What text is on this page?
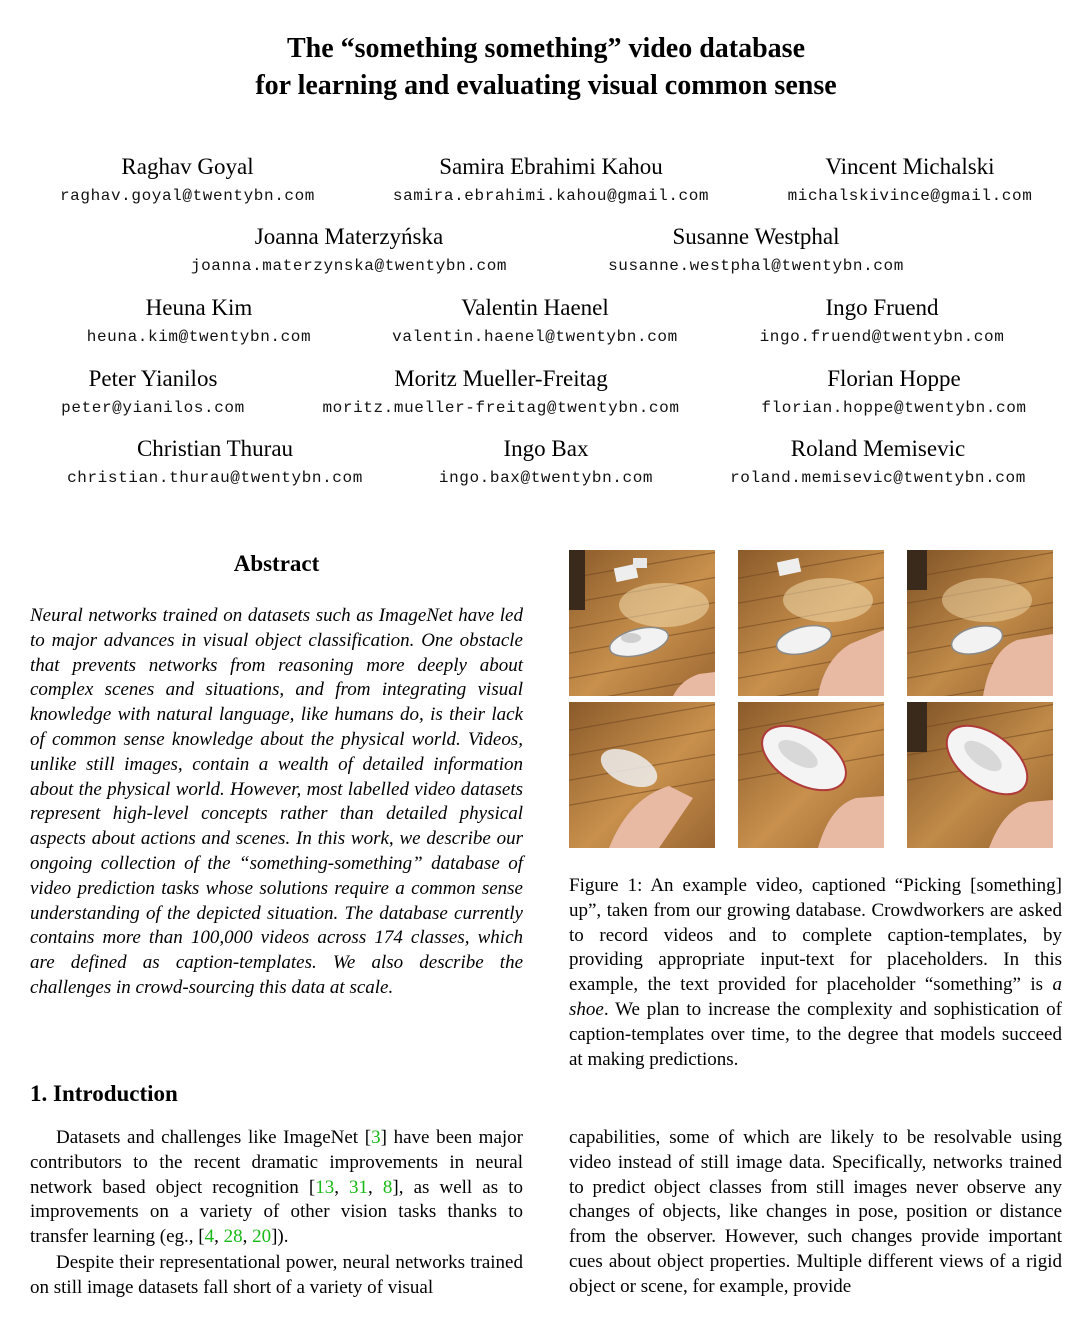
The “something something” video database
for learning and evaluating visual common sense
Raghav Goyal
raghav.goyal@twentybn.com
Samira Ebrahimi Kahou
samira.ebrahimi.kahou@gmail.com
Vincent Michalski
michalskivince@gmail.com
Joanna Materzyńska
joanna.materzynska@twentybn.com
Susanne Westphal
susanne.westphal@twentybn.com
Heuna Kim
heuna.kim@twentybn.com
Valentin Haenel
valentin.haenel@twentybn.com
Ingo Fruend
ingo.fruend@twentybn.com
Peter Yianilos
peter@yianilos.com
Moritz Mueller-Freitag
moritz.mueller-freitag@twentybn.com
Florian Hoppe
florian.hoppe@twentybn.com
Christian Thurau
christian.thurau@twentybn.com
Ingo Bax
ingo.bax@twentybn.com
Roland Memisevic
roland.memisevic@twentybn.com
Abstract
Neural networks trained on datasets such as ImageNet have led to major advances in visual object classification. One obstacle that prevents networks from reasoning more deeply about complex scenes and situations, and from integrating visual knowledge with natural language, like humans do, is their lack of common sense knowledge about the physical world. Videos, unlike still images, contain a wealth of detailed information about the physical world. However, most labelled video datasets represent high-level concepts rather than detailed physical aspects about actions and scenes. In this work, we describe our ongoing collection of the “something-something” database of video prediction tasks whose solutions require a common sense understanding of the depicted situation. The database currently contains more than 100,000 videos across 174 classes, which are defined as caption-templates. We also describe the challenges in crowd-sourcing this data at scale.
Figure 1: An example video, captioned “Picking [something] up”, taken from our growing database. Crowdworkers are asked to record videos and to complete caption-templates, by providing appropriate input-text for placeholders. In this example, the text provided for placeholder “something” is a shoe. We plan to increase the complexity and sophistication of caption-templates over time, to the degree that models succeed at making predictions.
1. Introduction
Datasets and challenges like ImageNet [3] have been major contributors to the recent dramatic improvements in neural network based object recognition [13, 31, 8], as well as to improvements on a variety of other vision tasks thanks to transfer learning (eg., [4, 28, 20]).
Despite their representational power, neural networks trained on still image datasets fall short of a variety of visual
capabilities, some of which are likely to be resolvable using video instead of still image data. Specifically, networks trained to predict object classes from still images never observe any changes of objects, like changes in pose, position or distance from the observer. However, such changes provide important cues about object properties. Multiple different views of a rigid object or scene, for example, provide
